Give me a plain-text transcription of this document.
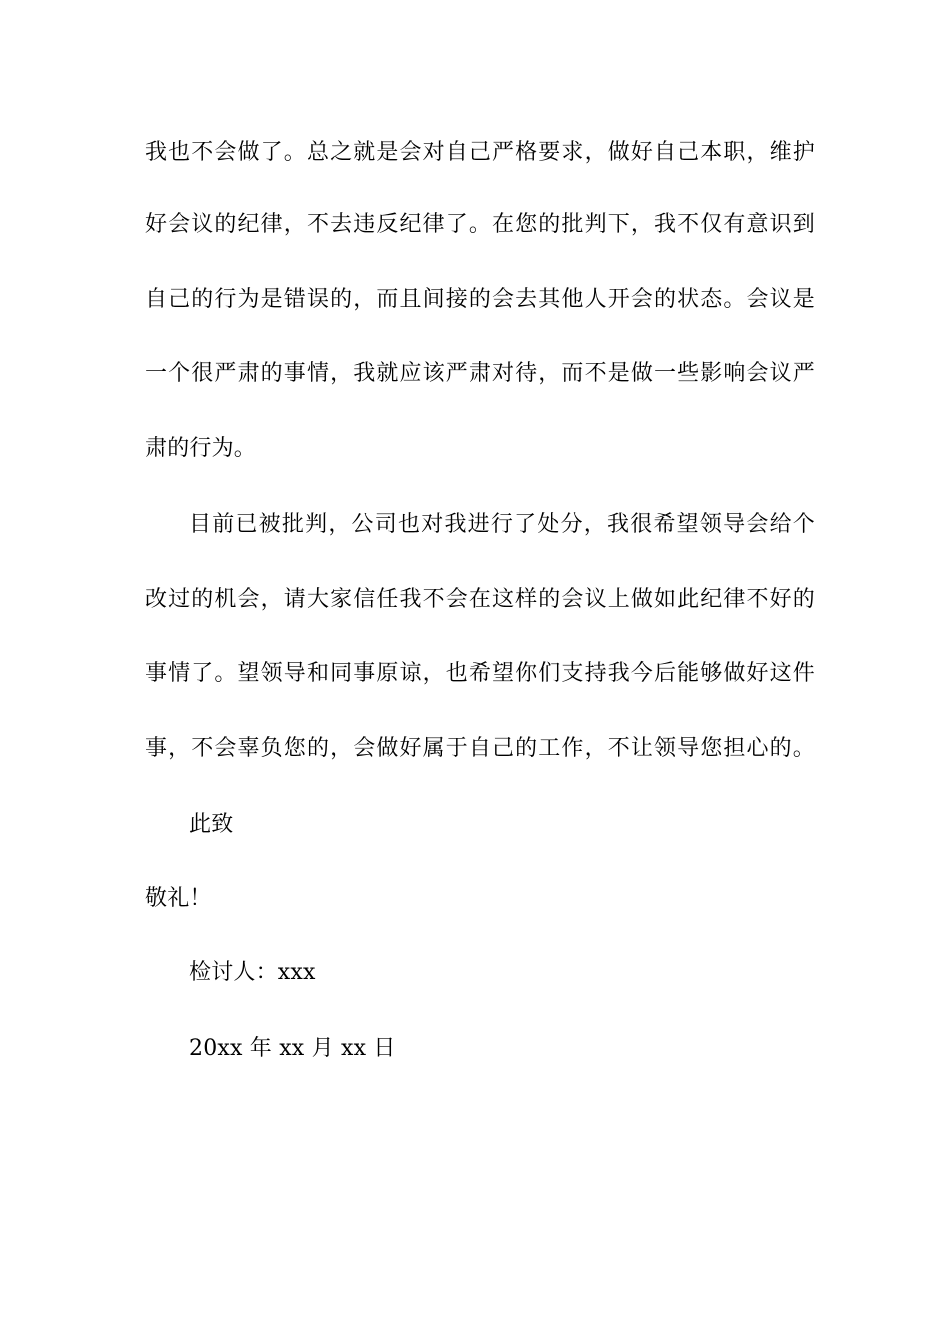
我也不会做了。总之就是会对自己严格要求，做好自己本职，维护
好会议的纪律，不去违反纪律了。在您的批判下，我不仅有意识到
自己的行为是错误的，而且间接的会去其他人开会的状态。会议是
一个很严肃的事情，我就应该严肃对待，而不是做一些影响会议严
肃的行为。
目前已被批判，公司也对我进行了处分，我很希望领导会给个
改过的机会，请大家信任我不会在这样的会议上做如此纪律不好的
事情了。望领导和同事原谅，也希望你们支持我今后能够做好这件
事，不会辜负您的，会做好属于自己的工作，不让领导您担心的。
此致
敬礼！
检讨人：xxx
20xx 年 xx 月 xx 日
